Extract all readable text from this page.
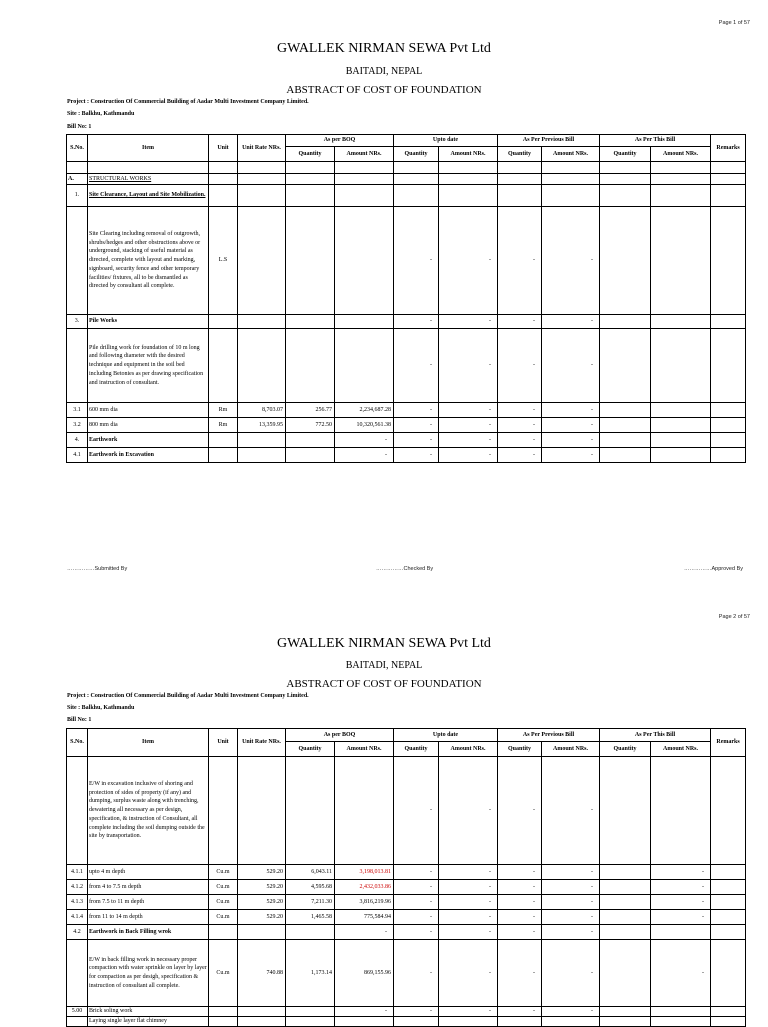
Page 1 of 57
GWALLEK NIRMAN SEWA Pvt Ltd
BAITADI, NEPAL
ABSTRACT OF COST OF FOUNDATION
Project : Construction Of Commercial Building of Aadar Multi Investment Company Limited.
Site : Balkhu, Kathmandu
Bill No: 1
S.No.	Item	Unit	Unit Rate NRs.	As per BOQ		Upto date		As Per Previous Bill		As Per This Bill		Remarks
				Quantity	Amount NRs.	Quantity	Amount NRs.	Quantity	Amount NRs.	Quantity	Amount NRs.	

A.	STRUCTURAL WORKS											
1.	Site Clearance, Layout and Site Mobilization.											
	Site Clearing including removal of outgrowth, shrubs/hedges and other obstructions above or underground, stacking of useful material as directed, complete with layout and marking, signboard, security fence and other temporary facilities/ fixtures, all to be dismantled as directed by consultant all complete.	L.S				-	-	-	-			
3.	Pile Works					-	-	-	-			
	Pile drilling work for foundation of 10 m long and following diameter with the desired technique and equipment in the soil bed including Betonies as per drawing specification and instruction of consultant.					-	-	-	-			
3.1	600 mm dia	Rm	8,703.07	256.77	2,234,687.28	-	-	-	-			
3.2	800 mm dia	Rm	13,359.95	772.50	10,320,561.38	-	-	-	-			
4.	Earthwork				-	-	-	-	-			
4.1	Earthwork in Excavation				-	-	-	-	-			
……………Submitted By	……………Checked By	……………Approved By
Page 2 of 57
GWALLEK NIRMAN SEWA Pvt Ltd
BAITADI, NEPAL
ABSTRACT OF COST OF FOUNDATION
Project : Construction Of Commercial Building of Aadar Multi Investment Company Limited.
Site : Balkhu, Kathmandu
Bill No: 1
S.No.	Item	Unit	Unit Rate NRs.	As per BOQ		Upto date		As Per Previous Bill		As Per This Bill		Remarks
				Quantity	Amount NRs.	Quantity	Amount NRs.	Quantity	Amount NRs.	Quantity	Amount NRs.	
	E/W in excavation inclusive of shoring and protection of sides of property (if any) and dumping, surplus waste along with trenching, dewatering all necessary as per design, specification, & instruction of Consultant, all complete including the soil dumping outside the site by transportation.					-	-	-	-			
4.1.1	upto 4 m depth	Cu.m	529.20	6,043.11	3,198,013.81	-	-	-	-		-	
4.1.2	from 4 to 7.5 m depth	Cu.m	529.20	4,595.68	2,432,033.86	-	-	-	-		-	
4.1.3	from 7.5 to 11 m depth	Cu.m	529.20	7,211.30	3,816,219.96	-	-	-	-		-	
4.1.4	from 11 to 14 m depth	Cu.m	529.20	1,465.58	775,584.94	-	-	-	-		-	
4.2	Earthwork in Back Filling wrok				-	-	-	-	-			
	E/W in back filling work in necessary proper compaction with water sprinkle on layer by layer for compaction as per desigh, specification & instruction of consultant all complete.	Cu.m	740.88	1,173.14	869,155.96	-	-	-	-		-	
5.00	Brick soling work				-	-	-	-	-			
	Laying single layer flat chimney											
